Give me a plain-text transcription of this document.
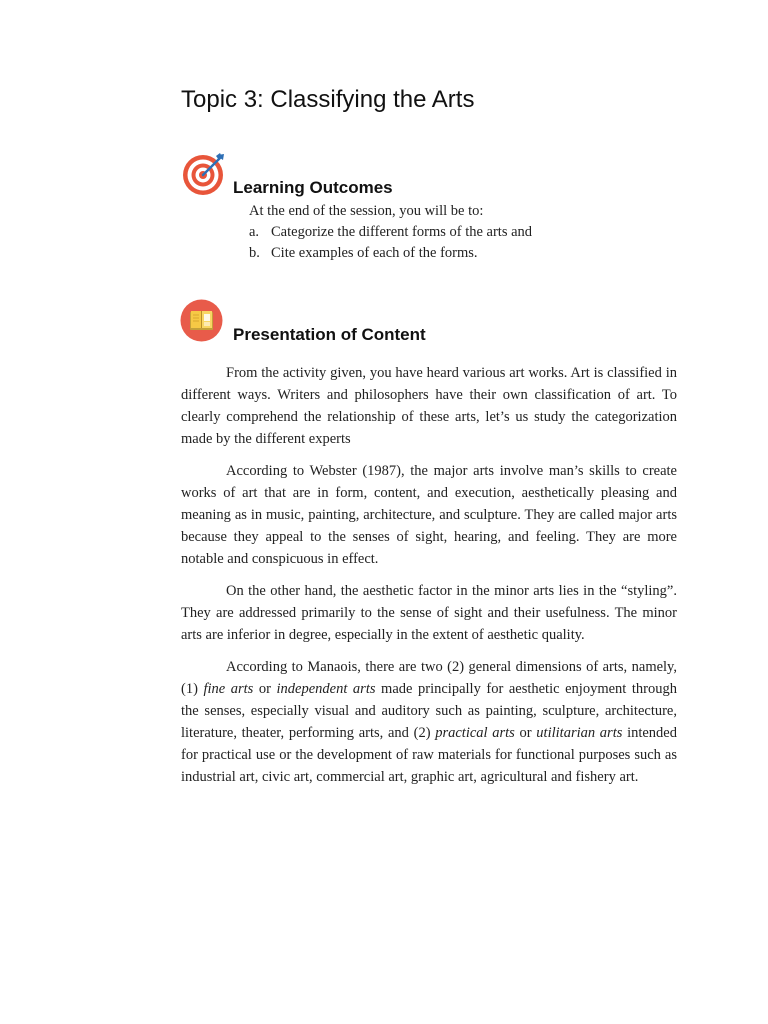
Topic 3: Classifying the Arts
Learning Outcomes

At the end of the session, you will be to:

a. Categorize the different forms of the arts and
b. Cite examples of each of the forms.
Presentation of Content

From the activity given, you have heard various art works. Art is classified in different ways. Writers and philosophers have their own classification of art. To clearly comprehend the relationship of these arts, let’s us study the categorization made by the different experts

According to Webster (1987), the major arts involve man’s skills to create works of art that are in form, content, and execution, aesthetically pleasing and meaning as in music, painting, architecture, and sculpture. They are called major arts because they appeal to the senses of sight, hearing, and feeling. They are more notable and conspicuous in effect.

On the other hand, the aesthetic factor in the minor arts lies in the “styling”. They are addressed primarily to the sense of sight and their usefulness. The minor arts are inferior in degree, especially in the extent of aesthetic quality.

According to Manaois, there are two (2) general dimensions of arts, namely, (1) fine arts or independent arts made principally for aesthetic enjoyment through the senses, especially visual and auditory such as painting, sculpture, architecture, literature, theater, performing arts, and (2) practical arts or utilitarian arts intended for practical use or the development of raw materials for functional purposes such as industrial art, civic art, commercial art, graphic art, agricultural and fishery art.
